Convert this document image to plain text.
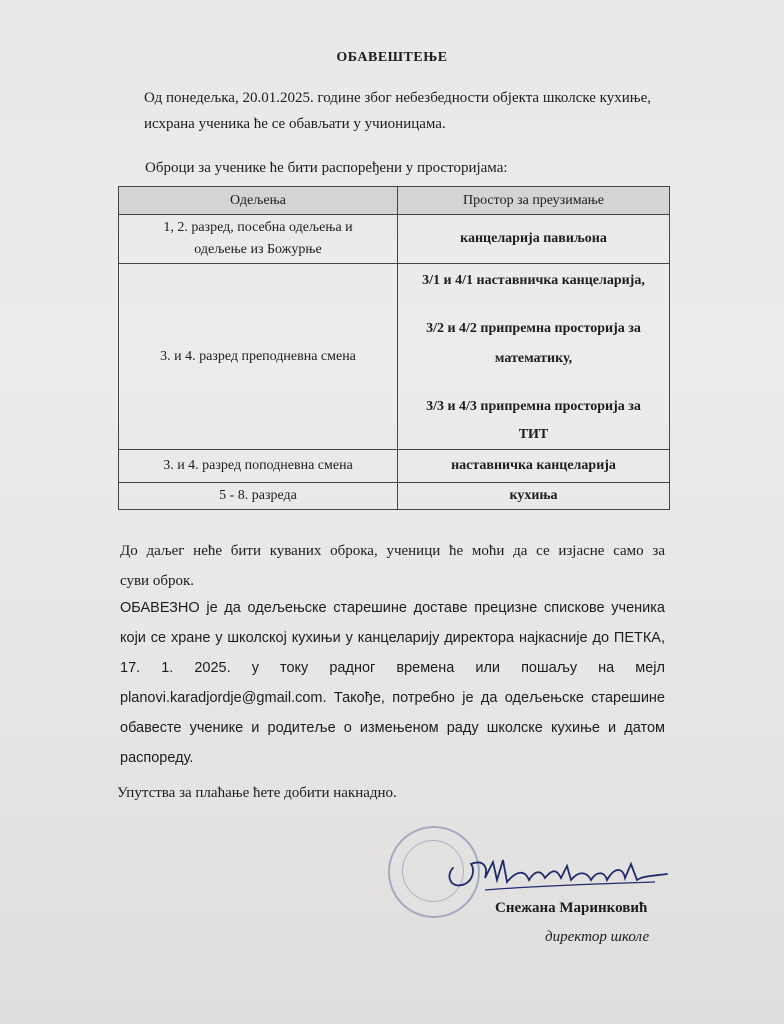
ОБАВЕШТЕЊЕ
Од понедељка, 20.01.2025. године због небезбедности објекта школске кухиње,
исхрана ученика ће се обављати у учионицама.
Оброци за ученике ће бити распоређени у просторијама:
Одељења	Простор за преузимање

1, 2. разред, посебна одељења и
одељење из Божурње	канцеларија павиљона

3. и 4. разред преподневна смена	3/1 и 4/1 наставничка канцеларија,
3/2 и 4/2 припремна просторија за
математику,
3/3 и 4/3 припремна просторија за
ТИТ

3. и 4. разред поподневна смена	наставничка канцеларија
5 - 8. разреда	кухиња
До даљег неће бити куваних оброка, ученици ће моћи да се изјасне само за
суви оброк.
ОБАВЕЗНО је да одељењске старешине доставе прецизне спискове ученика
који се хране у школској кухињи у канцеларију директора најкасније до ПЕТКА,
17. 1. 2025. у току радног времена или пошаљу на мејл
planovi.karadjordje@gmail.com. Такође, потребно је да одељењске старешине
обавесте ученике и родитеље о измењеном раду школске кухиње и датом
распореду.
Упутства за плаћање ћете добити накнадно.
Снежана Маринковић
директор школе
